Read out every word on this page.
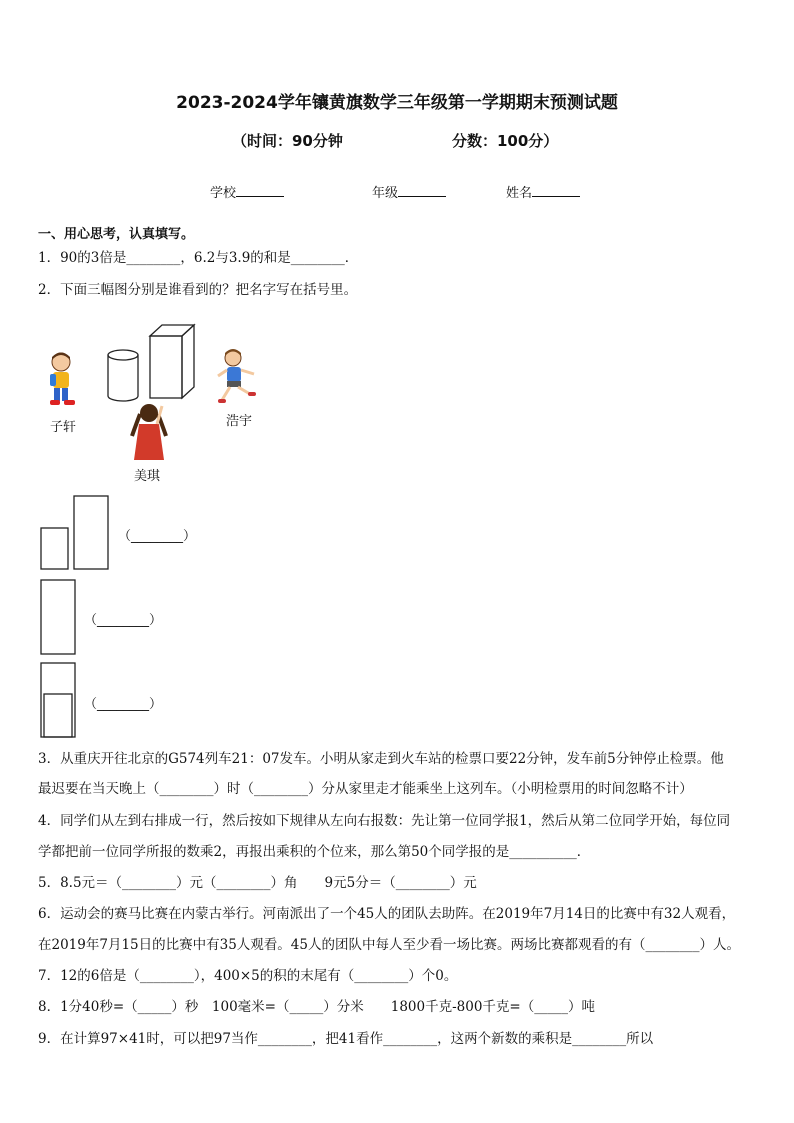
2023-2024学年镶黄旗数学三年级第一学期期末预测试题
（时间：90分钟	分数：100分）
学校	年级	姓名
一、用心思考，认真填写。
1．90的3倍是________，6.2与3.9的和是________．
2．下面三幅图分别是谁看到的？把名字写在括号里。
子轩	浩宇
美琪
（________）
（________）
（________）
3．从重庆开往北京的G574列车21：07发车。小明从家走到火车站的检票口要22分钟，发车前5分钟停止检票。他
最迟要在当天晚上（________）时（________）分从家里走才能乘坐上这列车。（小明检票用的时间忽略不计）
4．同学们从左到右排成一行，然后按如下规律从左向右报数：先让第一位同学报1，然后从第二位同学开始，每位同
学都把前一位同学所报的数乘2，再报出乘积的个位来，那么第50个同学报的是__________．
5．8.5元＝（________）元（________）角　　9元5分＝（________）元
6．运动会的赛马比赛在内蒙古举行。河南派出了一个45人的团队去助阵。在2019年7月14日的比赛中有32人观看，
在2019年7月15日的比赛中有35人观看。45人的团队中每人至少看一场比赛。两场比赛都观看的有（________）人。
7．12的6倍是（________），400×5的积的末尾有（________）个0。
8．1分40秒=（_____）秒　100毫米=（_____）分米　　1800千克-800千克=（_____）吨
9．在计算97×41时，可以把97当作________，把41看作________，这两个新数的乘积是________所以
